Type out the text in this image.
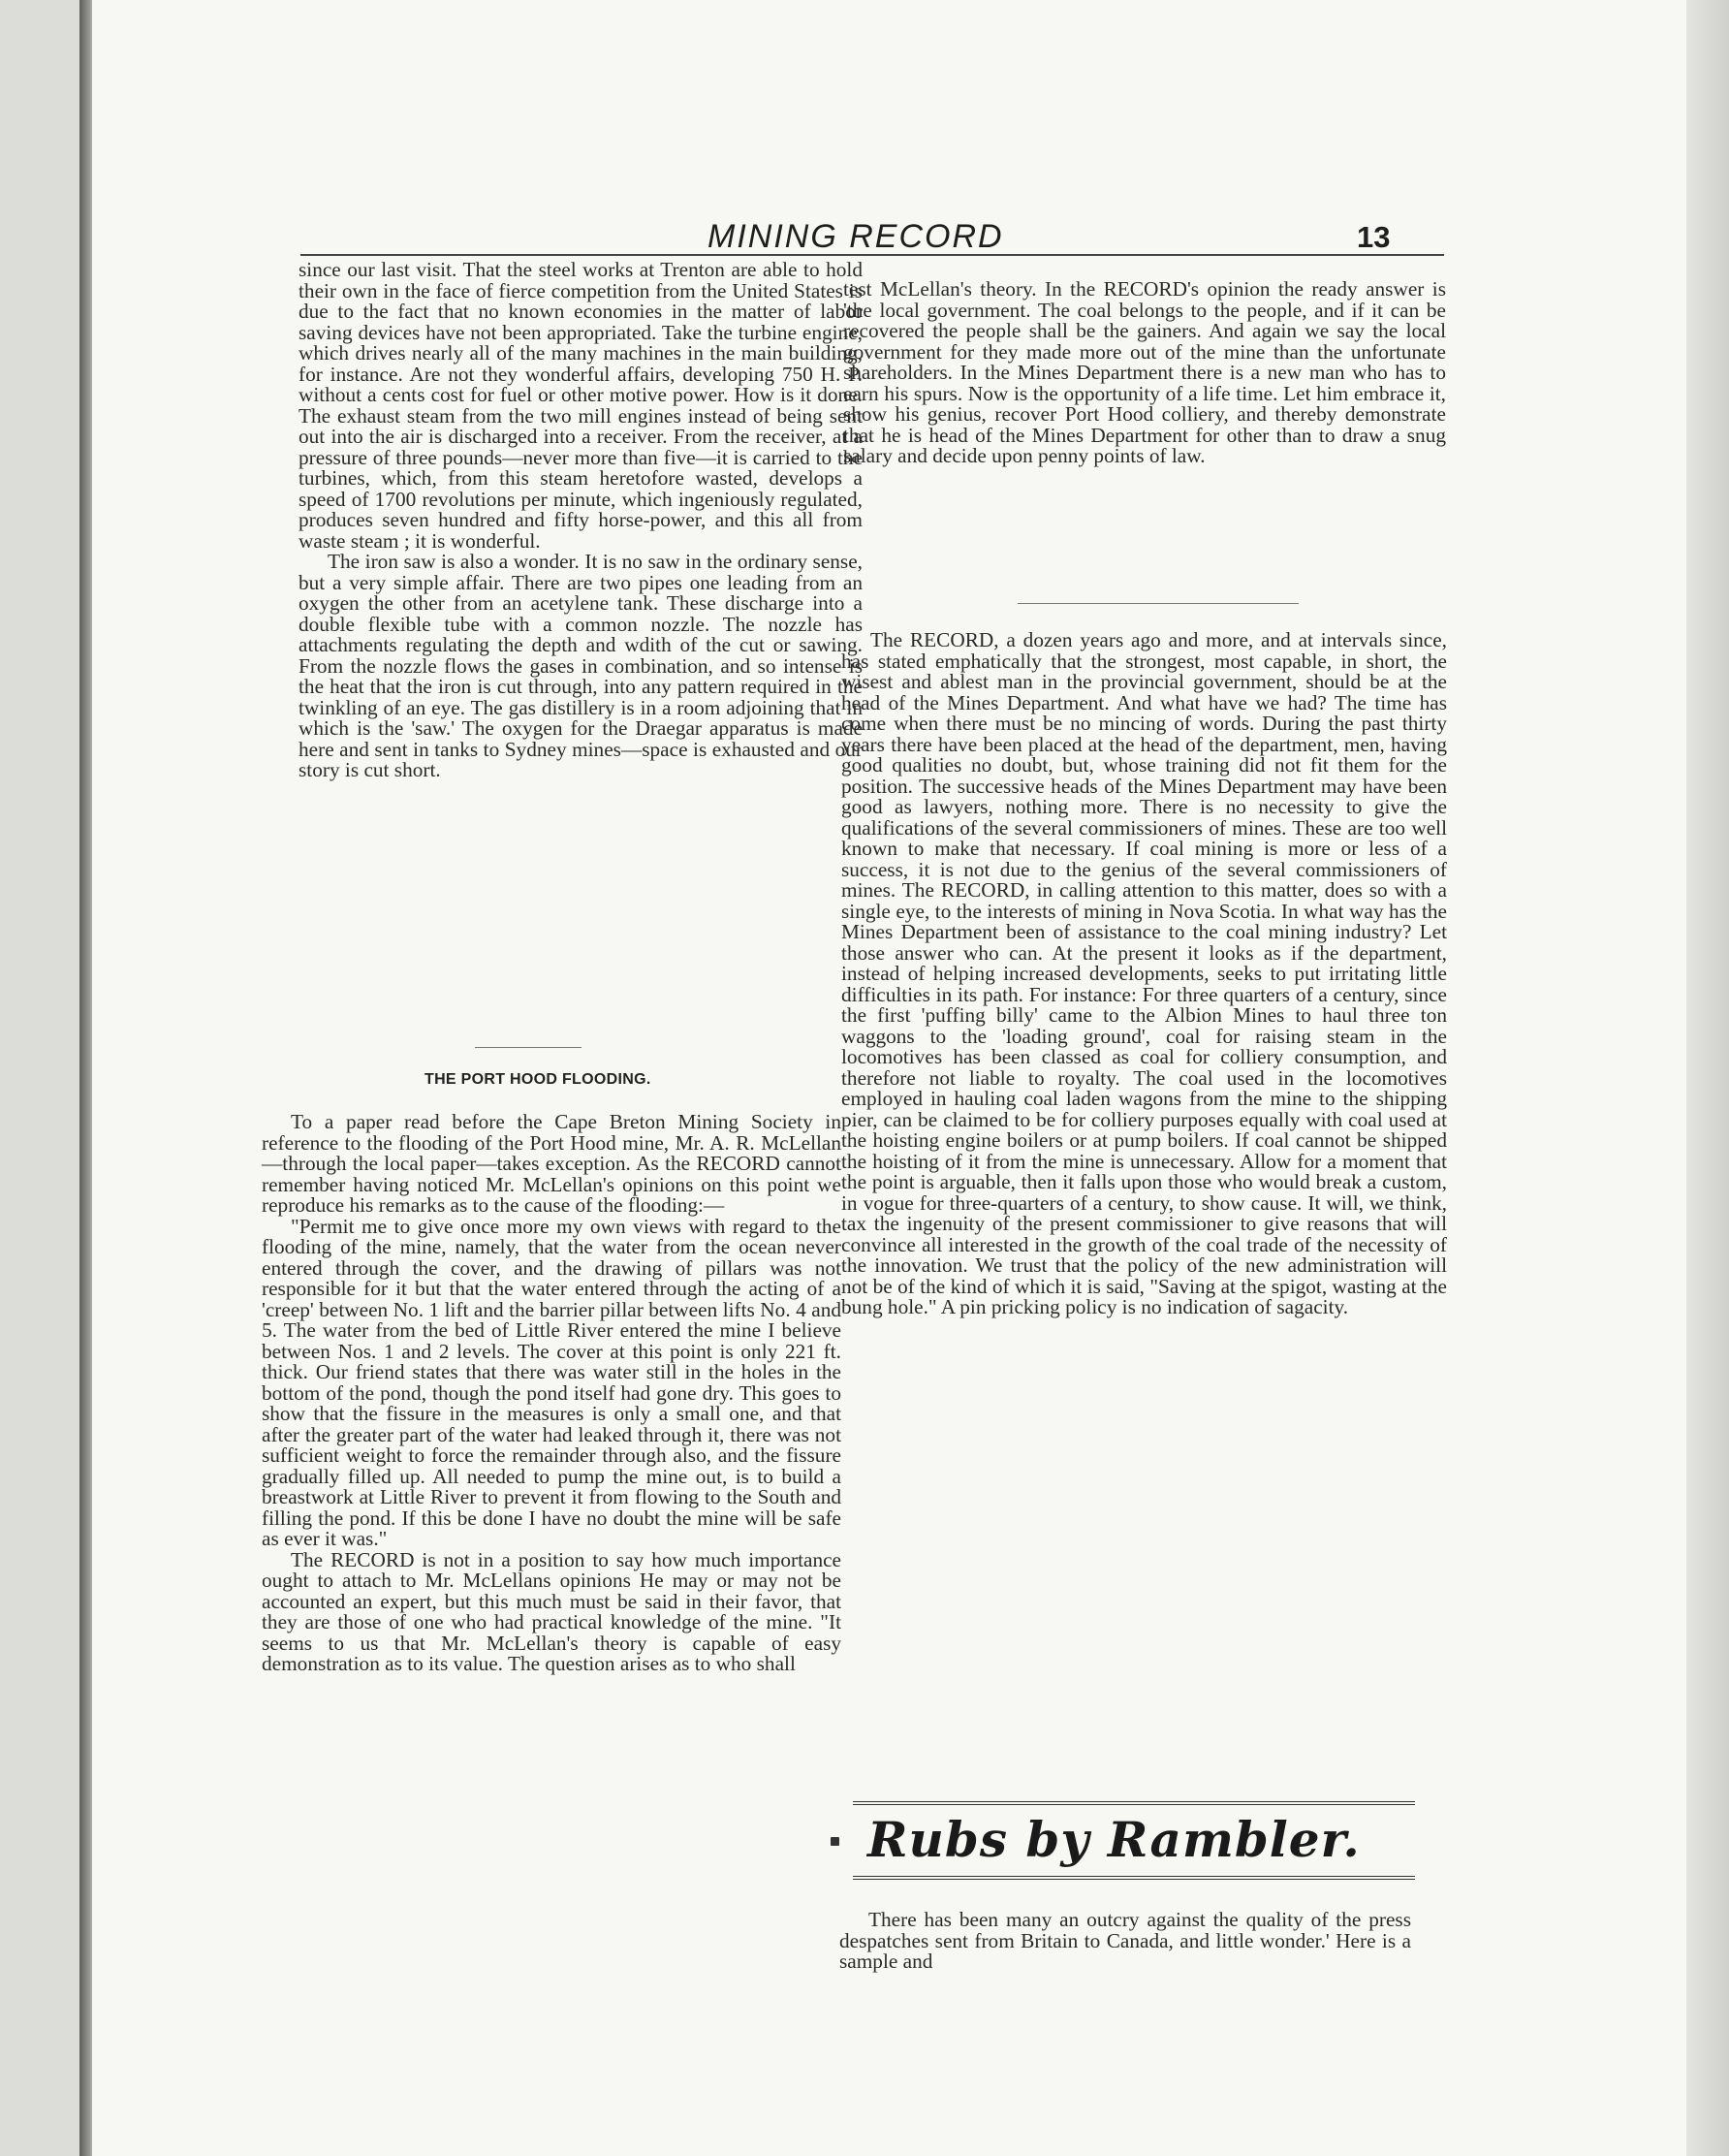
MINING RECORD	13

since our last visit. That the steel works at Trenton are able to hold their own in the face of fierce competition from the United States is due to the fact that no known economies in the matter of labor saving devices have not been appropriated. Take the turbine engine, which drives nearly all of the many machines in the main building, for instance. Are not they wonderful affairs, developing 750 H. P. without a cents cost for fuel or other motive power. How is it done. The exhaust steam from the two mill engines instead of being sent out into the air is discharged into a receiver. From the receiver, at a pressure of three pounds—never more than five—it is carried to the turbines, which, from this steam heretofore wasted, develops a speed of 1700 revolutions per minute, which ingeniously regulated, produces seven hundred and fifty horse-power, and this all from waste steam ; it is wonderful.

The iron saw is also a wonder. It is no saw in the ordinary sense, but a very simple affair. There are two pipes one leading from an oxygen the other from an acetylene tank. These discharge into a double flexible tube with a common nozzle. The nozzle has attachments regulating the depth and wdith of the cut or sawing. From the nozzle flows the gases in combination, and so intense is the heat that the iron is cut through, into any pattern required in the twinkling of an eye. The gas distillery is in a room adjoining that in which is the 'saw.' The oxygen for the Draegar apparatus is made here and sent in tanks to Sydney mines—space is exhausted and our story is cut short.

THE PORT HOOD FLOODING.

To a paper read before the Cape Breton Mining Society in reference to the flooding of the Port Hood mine, Mr. A. R. McLellan—through the local paper—takes exception. As the RECORD cannot remember having noticed Mr. McLellan's opinions on this point we reproduce his remarks as to the cause of the flooding:—

"Permit me to give once more my own views with regard to the flooding of the mine, namely, that the water from the ocean never entered through the cover, and the drawing of pillars was not responsible for it but that the water entered through the acting of a 'creep' between No. 1 lift and the barrier pillar between lifts No. 4 and 5. The water from the bed of Little River entered the mine I believe between Nos. 1 and 2 levels. The cover at this point is only 221 ft. thick. Our friend states that there was water still in the holes in the bottom of the pond, though the pond itself had gone dry. This goes to show that the fissure in the measures is only a small one, and that after the greater part of the water had leaked through it, there was not sufficient weight to force the remainder through also, and the fissure gradually filled up. All needed to pump the mine out, is to build a breastwork at Little River to prevent it from flowing to the South and filling the pond. If this be done I have no doubt the mine will be safe as ever it was."

The RECORD is not in a position to say how much importance ought to attach to Mr. McLellans opinions He may or may not be accounted an expert, but this much must be said in their favor, that they are those of one who had practical knowledge of the mine. "It seems to us that Mr. McLellan's theory is capable of easy demonstration as to its value. The question arises as to who shall

test McLellan's theory. In the RECORD's opinion the ready answer is 'the local government. The coal belongs to the people, and if it can be recovered the people shall be the gainers. And again we say the local government for they made more out of the mine than the unfortunate shareholders. In the Mines Department there is a new man who has to earn his spurs. Now is the opportunity of a life time. Let him embrace it, show his genius, recover Port Hood colliery, and thereby demonstrate that he is head of the Mines Department for other than to draw a snug salary and decide upon penny points of law.

The RECORD, a dozen years ago and more, and at intervals since, has stated emphatically that the strongest, most capable, in short, the wisest and ablest man in the provincial government, should be at the head of the Mines Department. And what have we had? The time has come when there must be no mincing of words. During the past thirty years there have been placed at the head of the department, men, having good qualities no doubt, but, whose training did not fit them for the position. The successive heads of the Mines Department may have been good as lawyers, nothing more. There is no necessity to give the qualifications of the several commissioners of mines. These are too well known to make that necessary. If coal mining is more or less of a success, it is not due to the genius of the several commissioners of mines. The RECORD, in calling attention to this matter, does so with a single eye, to the interests of mining in Nova Scotia. In what way has the Mines Department been of assistance to the coal mining industry? Let those answer who can. At the present it looks as if the department, instead of helping increased developments, seeks to put irritating little difficulties in its path. For instance: For three quarters of a century, since the first 'puffing billy' came to the Albion Mines to haul three ton waggons to the 'loading ground', coal for raising steam in the locomotives has been classed as coal for colliery consumption, and therefore not liable to royalty. The coal used in the locomotives employed in hauling coal laden wagons from the mine to the shipping pier, can be claimed to be for colliery purposes equally with coal used at the hoisting engine boilers or at pump boilers. If coal cannot be shipped the hoisting of it from the mine is unnecessary. Allow for a moment that the point is arguable, then it falls upon those who would break a custom, in vogue for three-quarters of a century, to show cause. It will, we think, tax the ingenuity of the present commissioner to give reasons that will convince all interested in the growth of the coal trade of the necessity of the innovation. We trust that the policy of the new administration will not be of the kind of which it is said, "Saving at the spigot, wasting at the bung hole." A pin pricking policy is no indication of sagacity.

Rubs by Rambler.

There has been many an outcry against the quality of the press despatches sent from Britain to Canada, and little wonder.' Here is a sample and
